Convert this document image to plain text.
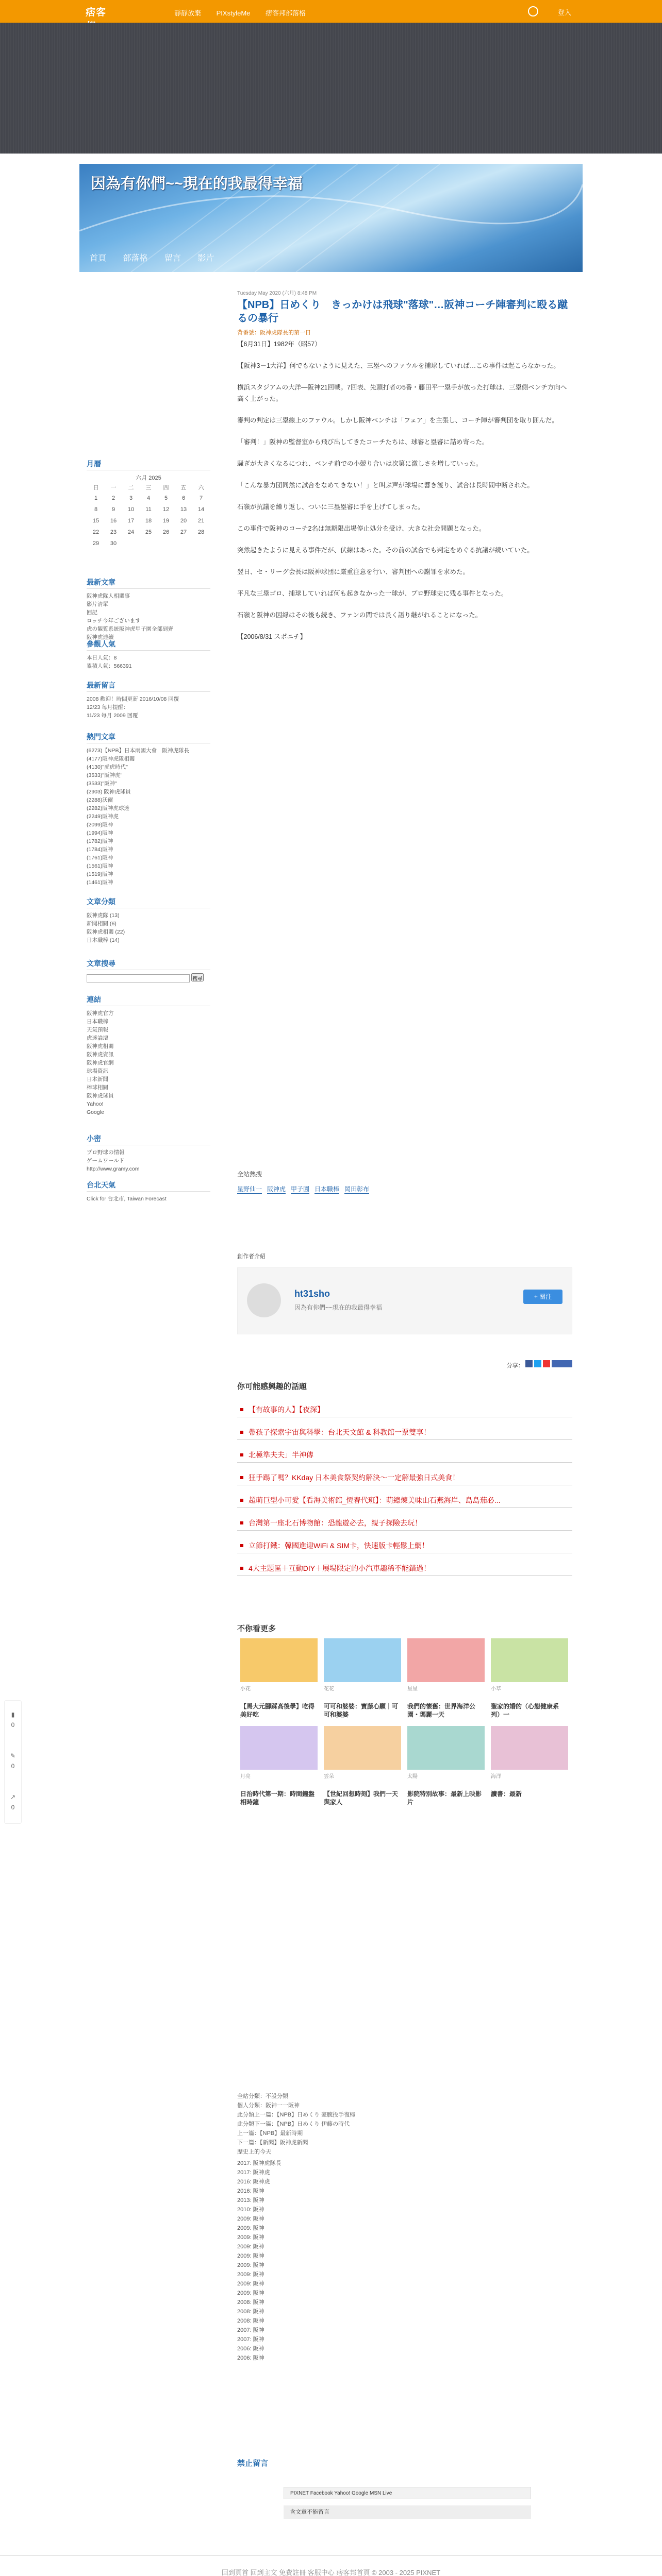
痞客	靜靜放棄 PIXstyleMe 痞客邦部落格	登入
因為有你們~~現在的我最得幸福
首頁 部落格 留言 影片
月曆
六月 2025
日	一	二	三	四	五	六
1	2	3	4	5	6	7
8	9	10	11	12	13	14
15	16	17	18	19	20	21
22	23	24	25	26	27	28
29	30					
最新文章
阪神虎隊人相關事
影片清單
回記
ロッチ今年ございます
虎の観覧系統阪神虎甲子園全部到齊
阪神虎連續
參觀人氣
本日人氣：8
累積人氣：566391
最新留言
2008 歡迎！時間更新 2016/10/08 回覆
12/23 每月提醒：
11/23 每月 2009 回覆
熱門文章
(6273)【NPB】日本兩國大會　阪神虎隊長
(4177)阪神虎隊相關
(4130)"虎虎時代"
(3533)"阪神虎"
(3533)"阪神"
(2903) 阪神虎球員
(2288)沃爾
(2282)阪神虎球迷
(2249)阪神虎
(2099)阪神
(1994)阪神
(1782)阪神
(1784)阪神
(1761)阪神
(1561)阪神
(1519)阪神
(1461)阪神
文章分類
阪神虎隊 (13)
新聞相關 (6)
阪神虎相關 (22)
日本職棒 (14)
文章搜尋
搜尋
連結
阪神虎官方
日本職棒
天氣預報
虎迷論壇
阪神虎相關
阪神虎資訊
阪神虎官網
球場資訊
日本新聞
棒球相關
阪神虎球員
Yahoo!
Google
小密
プロ野球の情報
ゲームワールド
http://www.gramy.com
台北天氣
Click for 台北市, Taiwan Forecast
Tuesday May 2020 (六月) 8:48 PM
【NPB】日めくり　きっかけは飛球"落球"…阪神コーチ陣審判に殴る蹴るの暴行
背番號：阪神虎隊長的第一日

【6月31日】1982年（昭57）

【阪神3－1大洋】何でもないように見えた、三塁へのファウルを捕球していれば…この事件は起こらなかった。

横浜スタジアムの大洋―阪神21回戦。7回表、先頭打者の5番・藤田平一塁手が放った打球は、三塁側ベンチ方向へ高く上がった。

審判の判定は三塁線上のファウル。しかし阪神ベンチは「フェア」を主張し、コーチ陣が審判団を取り囲んだ。

「審判！」阪神の監督室から飛び出してきたコーチたちは、球審と塁審に詰め寄った。

騒ぎが大きくなるにつれ、ベンチ前での小競り合いは次第に激しさを増していった。

「こんな暴力団同然に試合をなめてきない！」と叫ぶ声が球場に響き渡り、試合は長時間中断された。

石嶺が抗議を繰り返し、ついに三塁塁審に手を上げてしまった。

この事件で阪神のコーチ2名は無期限出場停止処分を受け、大きな社会問題となった。

突然起きたように見える事件だが、伏線はあった。その前の試合でも判定をめぐる抗議が続いていた。

翌日、セ・リーグ会長は阪神球団に厳重注意を行い、審判団への謝罪を求めた。

平凡な三塁ゴロ、捕球していれば何も起きなかった一球が、プロ野球史に残る事件となった。

石嶺と阪神の因縁はその後も続き、ファンの間では長く語り継がれることになった。

【2006/8/31 スポニチ】

全站熱搜
星野仙一 阪神虎 甲子園 日本職棒 岡田彰布
創作者介紹
ht31sho
因為有你們~~現在的我最得幸福
+ 關注
分享：
你可能感興趣的話題
【有故事的人】【夜深】
帶孩子探索宇宙與科學：台北天文館 & 科教館一票雙享！
北極準夫夫」半神傳
狂手踢了嗎？KKday 日本美食祭契約解決～一定解最強日式美食！
超萌巨型小可愛【看海美術館_恆春代班】：萌總煉美味山石燕海岸、島島茄必...
台灣第一座北石博物館：恐龍遊必去，親子探險去玩！
立節打鐵：韓國進迎WiFi & SIM卡，快速版卡輕鬆上網！
4大主題區＋互動DIY＋展場限定的小汽車趣稀不能錯過！
不你看更多
小花
【馬大元腳踩高後學】吃得美好吃
花花
可可和婆婆：寶藤心願｜可可和婆婆
星星
我們的懷舊：世界海洋公園・瑪麗一天
小草
聖家的婚的（心態健康系列）一
月亮
日治時代第一期：時間鐘盤相時鐘
雲朵
【世紀回想時刻】我們一天與家人
太陽
影院特別故事：最新上映影片
海洋
讀書：最新
全站分類：不設分類
個人分類：阪神一一阪神
此分類上一篇：【NPB】日めくり 豪腕投手復帰
此分類下一篇：【NPB】日めくり 伊藤の時代
上一篇：【NPB】最新時期
下一篇：【新聞】阪神虎新聞
歷史上的今天
2017: 阪神虎隊長
2017: 阪神虎
2016: 阪神虎
2016: 阪神
2013: 阪神
2010: 阪神
2009: 阪神
2009: 阪神
2009: 阪神
2009: 阪神
2009: 阪神
2009: 阪神
2009: 阪神
2009: 阪神
2009: 阪神
2008: 阪神
2008: 阪神
2008: 阪神
2007: 阪神
2007: 阪神
2006: 阪神
2006: 阪神
禁止留言
PIXNET Facebook Yahoo! Google MSN Live
含文章不能留言
▮
0
✎
0
↗
0
回到頁首 回到主文 免費註冊 客服中心 痞客邦首頁 © 2003 - 2025 PIXNET
